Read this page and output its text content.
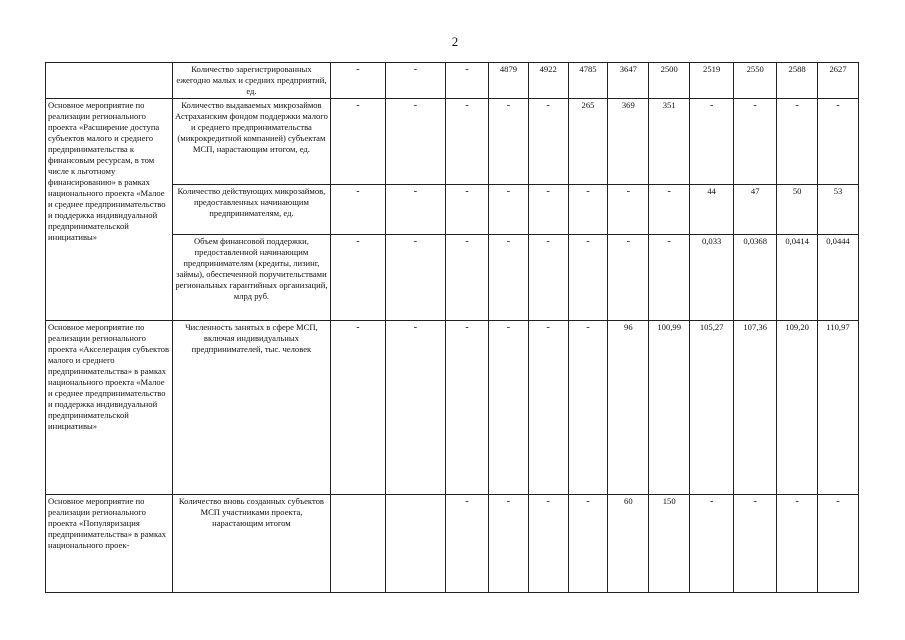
2
	Количество зарегистрированных ежегодно малых и средних предприятий, ед.	-	-	-	4879	4922	4785	3647	2500	2519	2550	2588	2627
Основное мероприятие по реализации регионального проекта «Расширение доступа субъектов малого и среднего предпринимательства к финансовым ресурсам, в том числе к льготному финансированию» в рамках национального проекта «Малое и среднее предпринимательство и поддержка индивидуальной предпринимательской инициативы»	Количество выдаваемых микрозаймов Астраханским фондом поддержки малого и среднего предпринимательства (микрокредитной компанией) субъектам МСП, нарастающим итогом, ед.	-	-	-	-	-	265	369	351	-	-	-	-
	Количество действующих микрозаймов, предоставленных начинающим предпринимателям, ед.	-	-	-	-	-	-	-	-	44	47	50	53
	Объем финансовой поддержки, предоставленной начинающим предпринимателям (кредиты, лизинг, займы), обеспеченной поручительствами региональных гарантийных организаций, млрд руб.	-	-	-	-	-	-	-	-	0,033	0,0368	0,0414	0,0444
Основное мероприятие по реализации регионального проекта «Акселерация субъектов малого и среднего предпринимательства» в рамках национального проекта «Малое и среднее предпринимательство и поддержка индивидуальной предпринимательской инициативы»	Численность занятых в сфере МСП, включая индивидуальных предпринимателей, тыс. человек	-	-	-	-	-	-	96	100,99	105,27	107,36	109,20	110,97
Основное мероприятие по реализации регионального проекта «Популяризация предпринимательства» в рамках национального проек-	Количество вновь созданных субъектов МСП участниками проекта, нарастающим итогом			-	-	-	-	60	150	-	-	-	-
